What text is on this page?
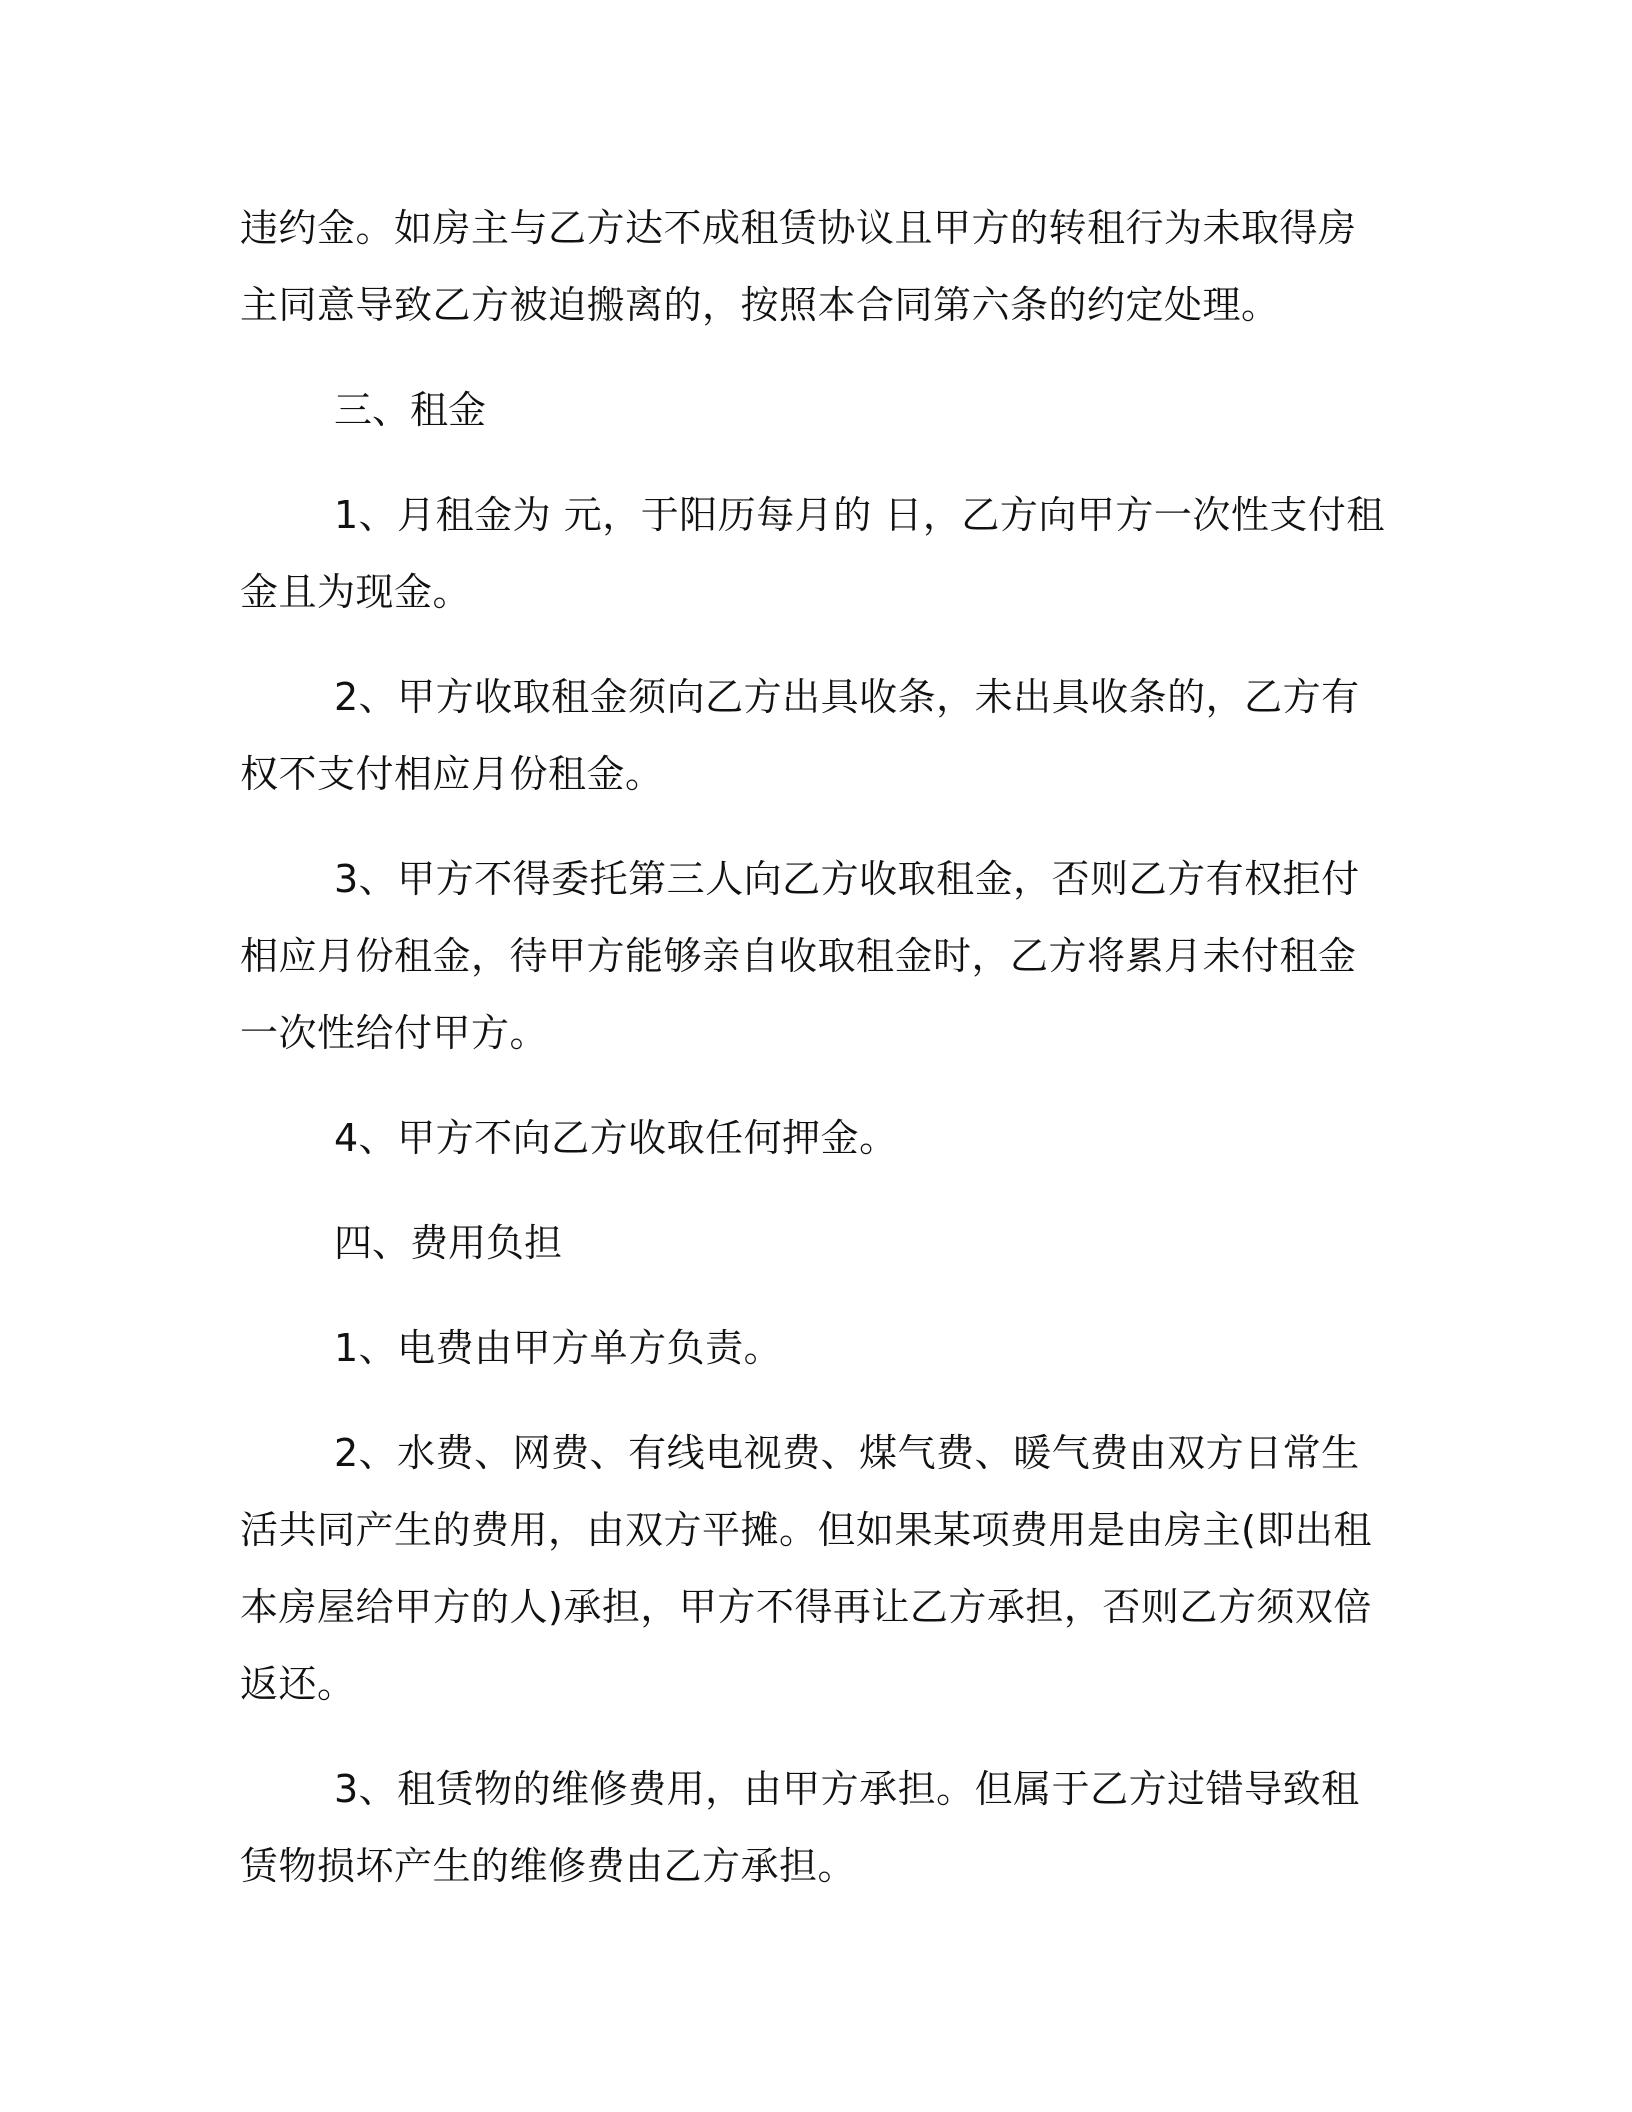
违约金。如房主与乙方达不成租赁协议且甲方的转租行为未取得房主同意导致乙方被迫搬离的，按照本合同第六条的约定处理。

三、租金

1、月租金为 元，于阳历每月的 日，乙方向甲方一次性支付租金且为现金。

2、甲方收取租金须向乙方出具收条，未出具收条的，乙方有权不支付相应月份租金。

3、甲方不得委托第三人向乙方收取租金，否则乙方有权拒付相应月份租金，待甲方能够亲自收取租金时，乙方将累月未付租金一次性给付甲方。

4、甲方不向乙方收取任何押金。

四、费用负担

1、电费由甲方单方负责。

2、水费、网费、有线电视费、煤气费、暖气费由双方日常生活共同产生的费用，由双方平摊。但如果某项费用是由房主(即出租本房屋给甲方的人)承担，甲方不得再让乙方承担，否则乙方须双倍返还。

3、租赁物的维修费用，由甲方承担。但属于乙方过错导致租赁物损坏产生的维修费由乙方承担。
